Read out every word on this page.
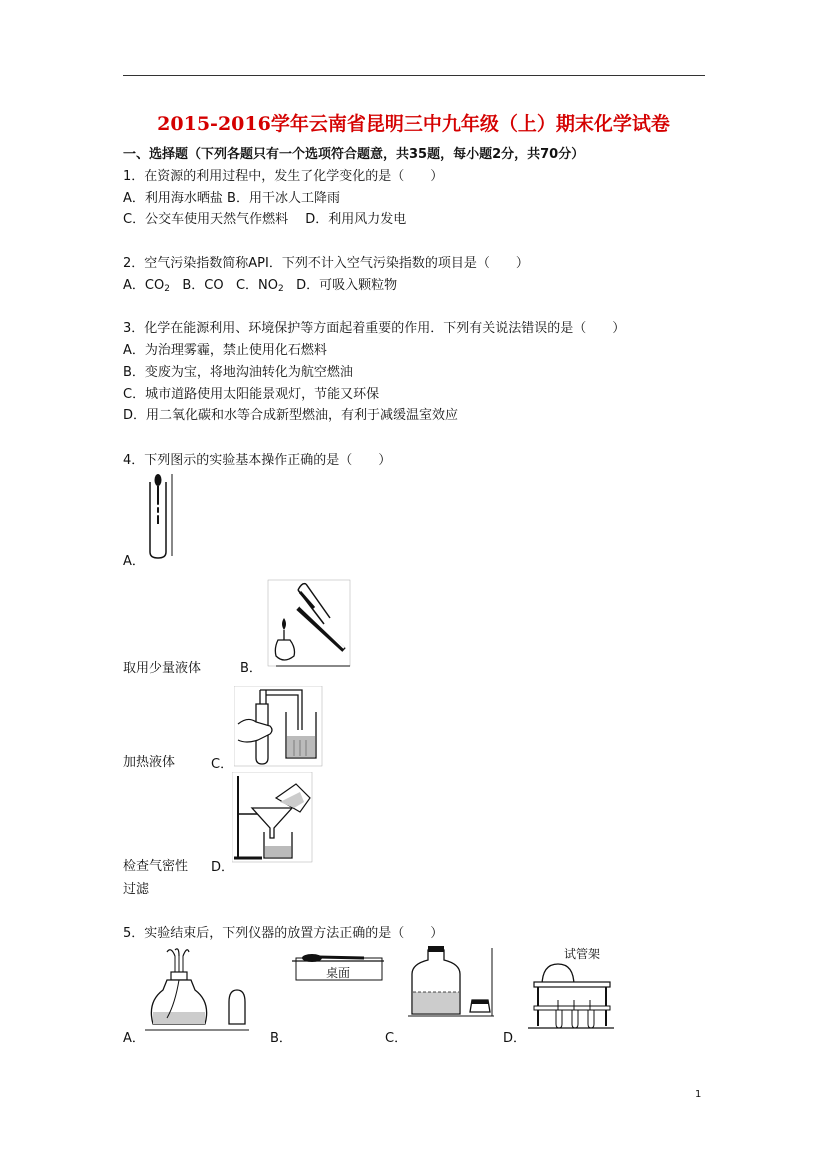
2015-2016学年云南省昆明三中九年级（上）期末化学试卷
一、选择题（下列各题只有一个选项符合题意，共35题，每小题2分，共70分）
1．在资源的利用过程中，发生了化学变化的是（　　）
A．利用海水晒盐 B．用干冰人工降雨
C．公交车使用天然气作燃料　 D．利用风力发电
2．空气污染指数简称API．下列不计入空气污染指数的项目是（　　）
A．$CO_2$ B．CO C．$NO_2$ D．可吸入颗粒物
3．化学在能源利用、环境保护等方面起着重要的作用．下列有关说法错误的是（　　）
A．为治理雾霾，禁止使用化石燃料
B．变废为宝，将地沟油转化为航空燃油
C．城市道路使用太阳能景观灯，节能又环保
D．用二氧化碳和水等合成新型燃油，有利于减缓温室效应
4．下列图示的实验基本操作正确的是（　　）
A．
取用少量液体	B．
加热液体	C．
检查气密性 D．
过滤
5．实验结束后，下列仪器的放置方法正确的是（　　）
A．
桌面
B．	C．
试管架
D．
1
